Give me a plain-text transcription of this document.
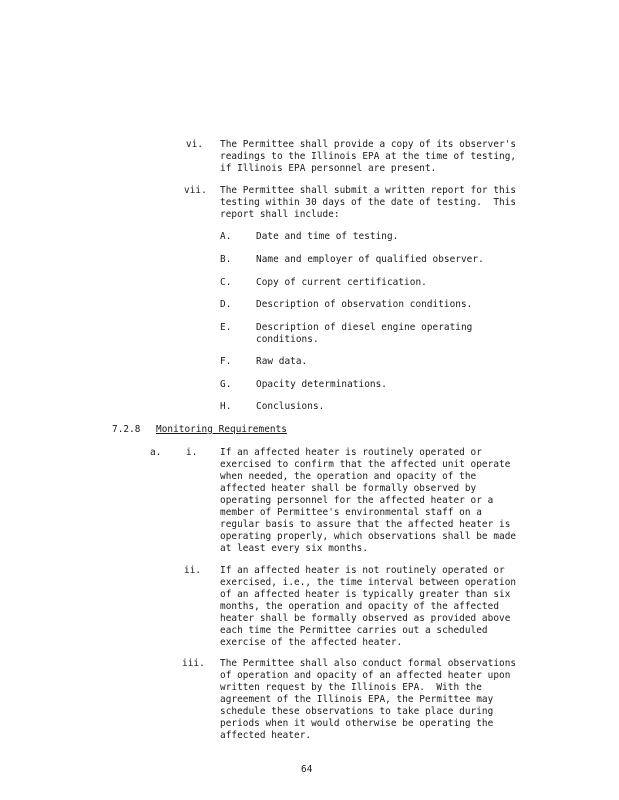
vi. The Permittee shall provide a copy of its observer's
readings to the Illinois EPA at the time of testing,
if Illinois EPA personnel are present.
vii. The Permittee shall submit a written report for this
testing within 30 days of the date of testing.  This
report shall include:
A.	Date and time of testing.
B.	Name and employer of qualified observer.
C.	Copy of current certification.
D.	Description of observation conditions.
E.	Description of diesel engine operating
conditions.
F.	Raw data.
G.	Opacity determinations.
H.	Conclusions.
7.2.8 Monitoring Requirements
a.	i. If an affected heater is routinely operated or
exercised to confirm that the affected unit operate
when needed, the operation and opacity of the
affected heater shall be formally observed by
operating personnel for the affected heater or a
member of Permittee's environmental staff on a
regular basis to assure that the affected heater is
operating properly, which observations shall be made
at least every six months.
ii. If an affected heater is not routinely operated or
exercised, i.e., the time interval between operation
of an affected heater is typically greater than six
months, the operation and opacity of the affected
heater shall be formally observed as provided above
each time the Permittee carries out a scheduled
exercise of the affected heater.
iii. The Permittee shall also conduct formal observations
of operation and opacity of an affected heater upon
written request by the Illinois EPA.  With the
agreement of the Illinois EPA, the Permittee may
schedule these observations to take place during
periods when it would otherwise be operating the
affected heater.
64
